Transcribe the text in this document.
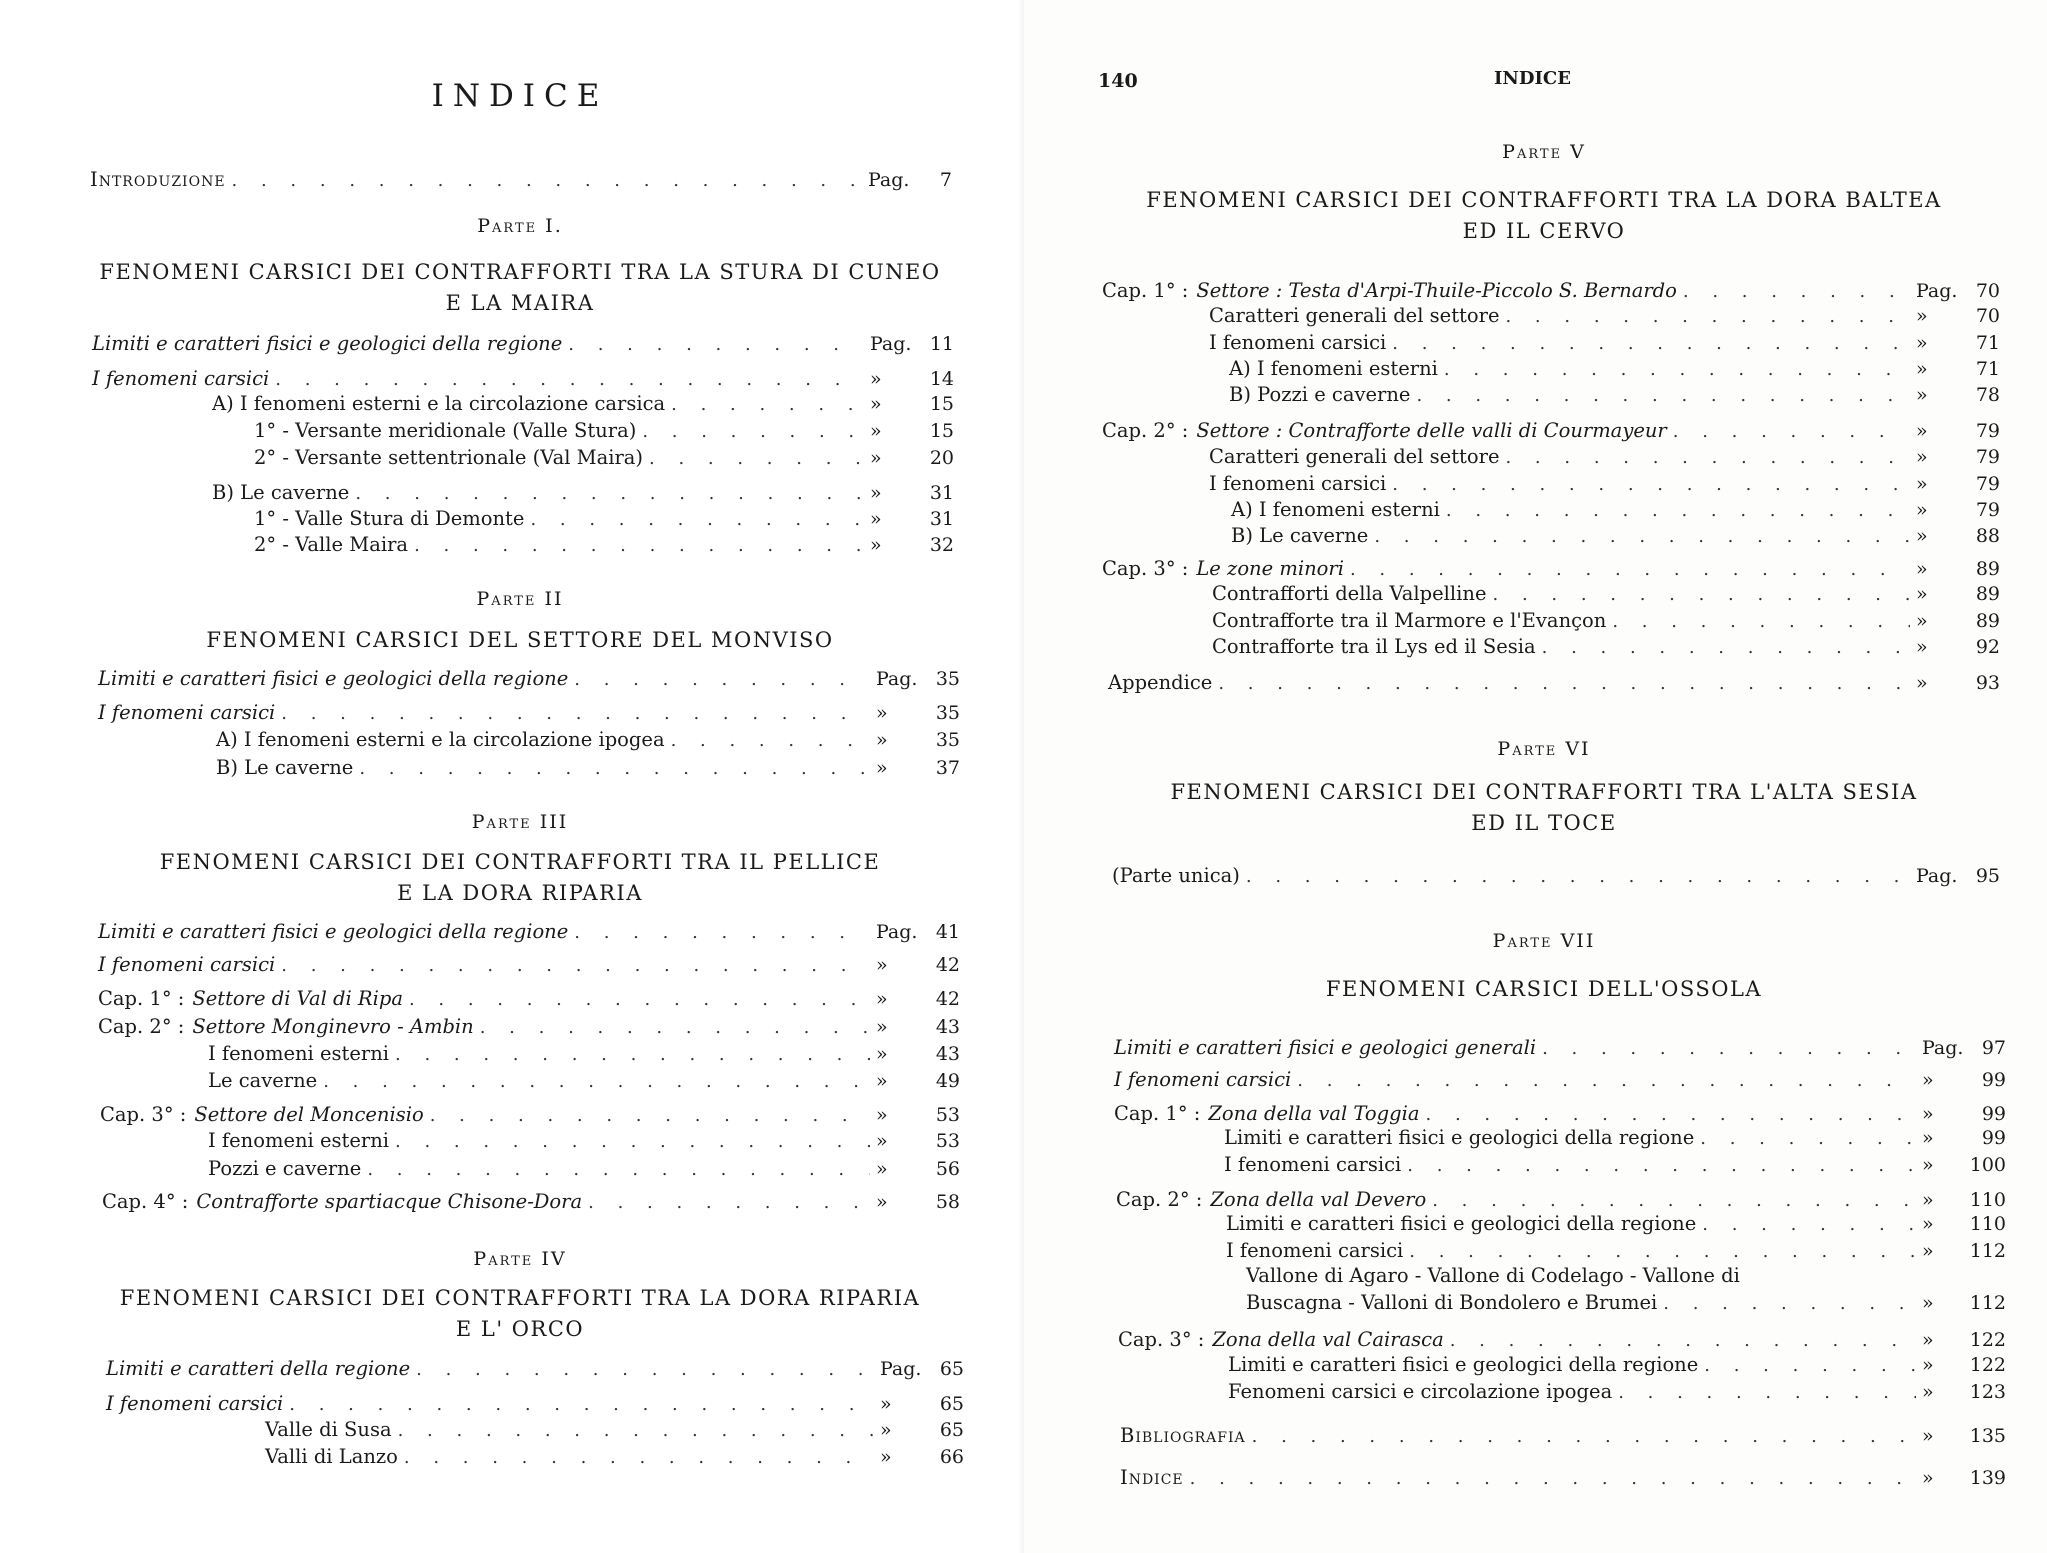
INDICE
Introduzione . . .	Pag.	7
Parte I.
FENOMENI CARSICI DEI CONTRAFFORTI TRA LA STURA DI CUNEO
E LA MAIRA
Limiti e caratteri fisici e geologici della regione . . .	Pag. 11
I fenomeni carsici . . .	»	14
A) I fenomeni esterni e la circolazione carsica . . .	»	15
1° - Versante meridionale (Valle Stura) . . .	»	15
2° - Versante settentrionale (Val Maira) . . .	»	20
B) Le caverne . . .	»	31
1° - Valle Stura di Demonte . . .	»	31
2° - Valle Maira . . .	»	32
Parte II
FENOMENI CARSICI DEL SETTORE DEL MONVISO
Limiti e caratteri fisici e geologici della regione . . .	Pag. 35
I fenomeni carsici . . .	»	35
A) I fenomeni esterni e la circolazione ipogea . . .	»	35
B) Le caverne . . .	»	37
Parte III
FENOMENI CARSICI DEI CONTRAFFORTI TRA IL PELLICE
E LA DORA RIPARIA
Limiti e caratteri fisici e geologici della regione . . .	Pag. 41
I fenomeni carsici . . .	»	42
Cap. 1° : Settore di Val di Ripa . . .	»	42
Cap. 2° : Settore Monginevro - Ambin . . .	»	43
I fenomeni esterni . . .	»	43
Le caverne . . .	»	49
Cap. 3° : Settore del Moncenisio . . .	»	53
I fenomeni esterni . . .	»	53
Pozzi e caverne . . .	»	56
Cap. 4° : Contrafforte spartiacque Chisone-Dora . . .	»	58
Parte IV
FENOMENI CARSICI DEI CONTRAFFORTI TRA LA DORA RIPARIA
E L' ORCO
Limiti e caratteri della regione . . .	Pag. 65
I fenomeni carsici . . .	»	65
Valle di Susa . . .	»	65
Valli di Lanzo . . .	»	66
140	INDICE
Parte V
FENOMENI CARSICI DEI CONTRAFFORTI TRA LA DORA BALTEA
ED IL CERVO
Cap. 1° : Settore : Testa d'Arpi-Thuile-Piccolo S. Bernardo . . .	Pag. 70
Caratteri generali del settore . . .	»	70
I fenomeni carsici . . .	»	71
A) I fenomeni esterni . . .	»	71
B) Pozzi e caverne . . .	»	78
Cap. 2° : Settore : Contrafforte delle valli di Courmayeur . . .	»	79
Caratteri generali del settore . . .	»	79
I fenomeni carsici . . .	»	79
A) I fenomeni esterni . . .	»	79
B) Le caverne . . .	»	88
Cap. 3° : Le zone minori . . .	»	89
Contrafforti della Valpelline . . .	»	89
Contrafforte tra il Marmore e l'Evançon . . .	»	89
Contrafforte tra il Lys ed il Sesia . . .	»	92
Appendice . . .	»	93
Parte VI
FENOMENI CARSICI DEI CONTRAFFORTI TRA L'ALTA SESIA
ED IL TOCE
(Parte unica) . . .	Pag. 95
Parte VII
FENOMENI CARSICI DELL'OSSOLA
Limiti e caratteri fisici e geologici generali . . .	Pag. 97
I fenomeni carsici . . .	»	99
Cap. 1° : Zona della val Toggia . . .	»	99
Limiti e caratteri fisici e geologici della regione . . .	»	99
I fenomeni carsici . . .	»	100
Cap. 2° : Zona della val Devero . . .	»	110
Limiti e caratteri fisici e geologici della regione . . .	»	110
I fenomeni carsici . . .	»	112
Vallone di Agaro - Vallone di Codelago - Vallone di
Buscagna - Valloni di Bondolero e Brumei . . .	»	112
Cap. 3° : Zona della val Cairasca . . .	»	122
Limiti e caratteri fisici e geologici della regione . . .	»	122
Fenomeni carsici e circolazione ipogea . . .	»	123
Bibliografia . . .	»	135
Indice . . .	»	139
